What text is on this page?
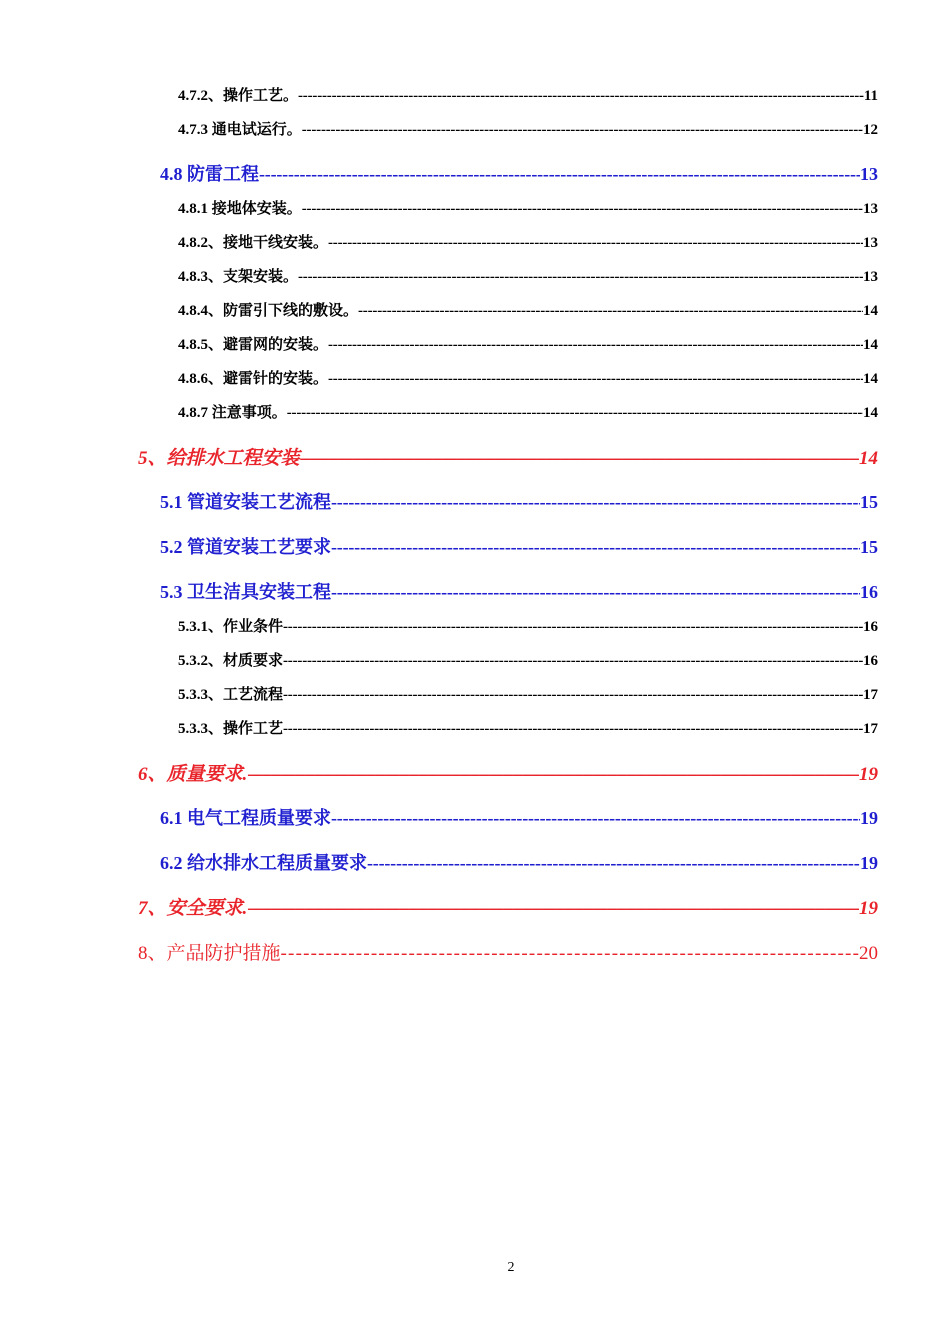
4.7.2、操作工艺。 -----	11
4.7.3 通电试运行。 -----	12
4.8 防雷工程 -----	13
4.8.1 接地体安装。 -----	13
4.8.2、接地干线安装。 -----	13
4.8.3、支架安装。 -----	13
4.8.4、防雷引下线的敷设。 -----	14
4.8.5、避雷网的安装。 -----	14
4.8.6、避雷针的安装。 -----	14
4.8.7 注意事项。 -----	14
5、给排水工程安装 -----	14
5.1 管道安装工艺流程 -----	15
5.2 管道安装工艺要求 -----	15
5.3 卫生洁具安装工程 -----	16
5.3.1、作业条件 -----	16
5.3.2、材质要求 -----	16
5.3.3、工艺流程 -----	17
5.3.3、操作工艺 -----	17
6、质量要求. -----	19
6.1 电气工程质量要求 -----	19
6.2 给水排水工程质量要求 -----	19
7、安全要求. -----	19
8、产品防护措施 -----	20
2
